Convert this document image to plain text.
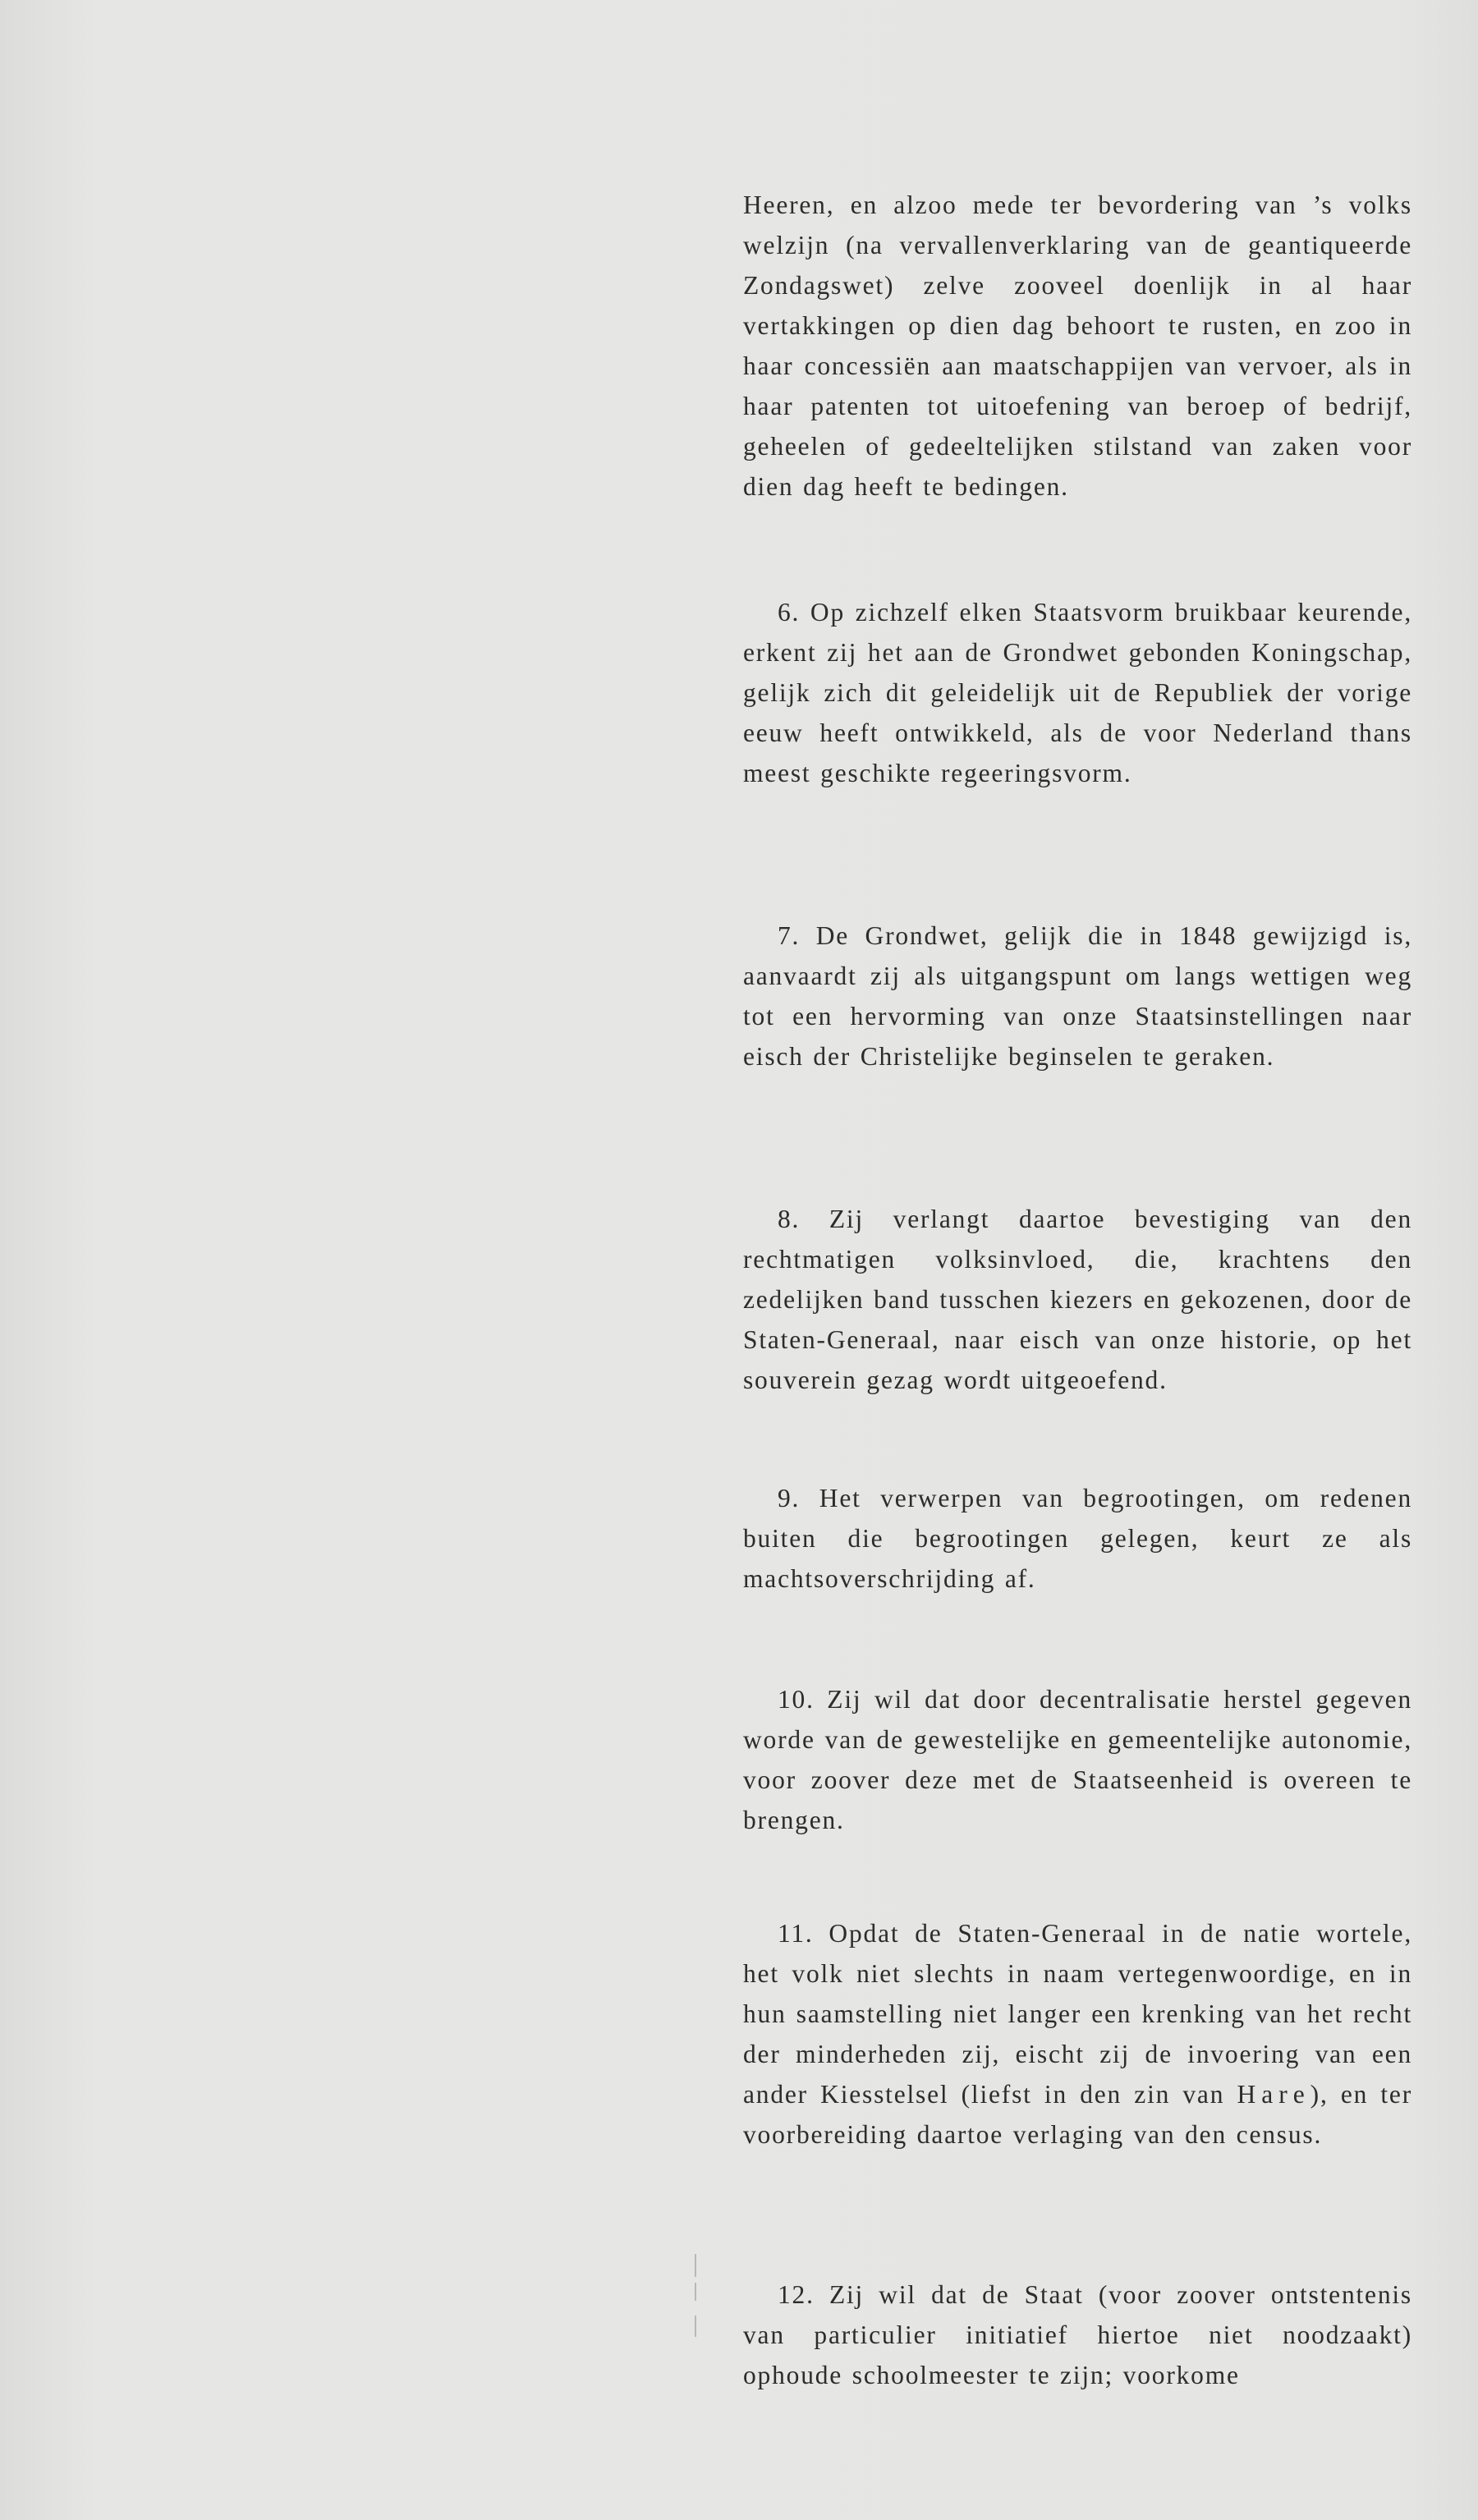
Heeren, en alzoo mede ter bevordering van ’s volks welzijn (na vervallenverklaring van de geantiqueerde Zondagswet) zelve zooveel doenlijk in al haar vertakkingen op dien dag behoort te rusten, en zoo in haar concessiën aan maatschappijen van vervoer, als in haar patenten tot uitoefening van beroep of bedrijf, geheelen of gedeeltelijken stilstand van zaken voor dien dag heeft te bedingen.

6. Op zichzelf elken Staatsvorm bruikbaar keurende, erkent zij het aan de Grondwet gebonden Koningschap, gelijk zich dit geleidelijk uit de Republiek der vorige eeuw heeft ontwikkeld, als de voor Nederland thans meest geschikte regeeringsvorm.

7. De Grondwet, gelijk die in 1848 gewijzigd is, aanvaardt zij als uitgangspunt om langs wettigen weg tot een hervorming van onze Staatsinstellingen naar eisch der Christelijke beginselen te geraken.

8. Zij verlangt daartoe bevestiging van den rechtmatigen volksinvloed, die, krachtens den zedelijken band tusschen kiezers en gekozenen, door de Staten-Generaal, naar eisch van onze historie, op het souverein gezag wordt uitgeoefend.

9. Het verwerpen van begrootingen, om redenen buiten die begrootingen gelegen, keurt ze als machtsoverschrijding af.

10. Zij wil dat door decentralisatie herstel gegeven worde van de gewestelijke en gemeentelijke autonomie, voor zoover deze met de Staatseenheid is overeen te brengen.

11. Opdat de Staten-Generaal in de natie wortele, het volk niet slechts in naam vertegenwoordige, en in hun saamstelling niet langer een krenking van het recht der minderheden zij, eischt zij de invoering van een ander Kiesstelsel (liefst in den zin van Hare), en ter voorbereiding daartoe verlaging van den census.

12. Zij wil dat de Staat (voor zoover ontstentenis van particulier initiatief hiertoe niet noodzaakt) ophoude schoolmeester te zijn; voorkome
